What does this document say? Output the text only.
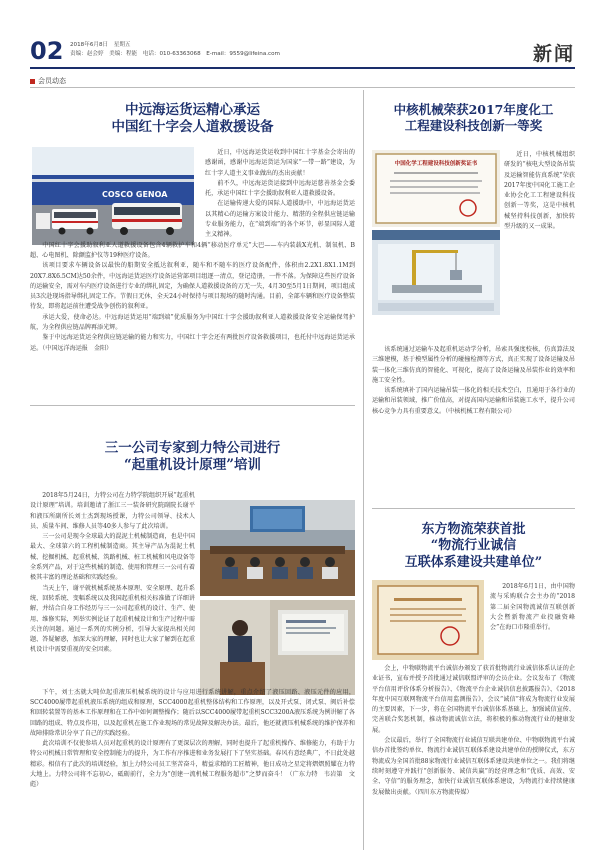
02 2018年6月8日　星期五
责编：赵会婷　美编：程能　电话：010-63363068　E-mail：9559@lifeina.com	新闻
会员动态
中远海运货运精心承运
中国红十字会人道救援设备
COSCO GENOA

近日，中远海运货运收到中国红十字基金会寄出的感谢函，感谢中远海运货运为国家“一带一路”建设，为红十字人道主义事业做出的杰出贡献！

前不久，中远海运货运接到中远海运慈善基金会委托，承运中国红十字会援助叙利亚人道救援设备。

在运输传递大爱的国际人道援助中，中远海运货运以其精心的运输方案设计能力、精湛的全程供应链运输专业服务能力，在“端到端”的各个环节，彰显国际人道主义精神。

中国红十字会援助叙利亚人道救援设备包含4辆救护车和4辆“移动医疗单元”大巴——车内装载X光机、制氧机、B超、心电图机、除颤监护仪等19种医疗设备。

该项目要求车辆设备以最快的船期安全抵达叙利亚，随车和不随车的医疗设备配件，体积由2.2X1.8X1.1M到20X7.8X6.5CM达50余件，中远海运货运医疗设备运营部项目组逐一清点，登记造册，一件不落。为保障这些医疗设备的运输安全，需对车内医疗设备进行专业的绑扎固定，为确保人道救援设备的万无一失，4月30至5月1日期间，项目组成员3次赴现场指导绑扎固定工作。节假日无休，全天24小时保持与项目现场的随时沟通。目前，全部车辆和医疗设备整装待发，即将起运前往遭受战争创伤的叙利亚。

承运大爱，使命必达。中远海运货运用“端到端”优质服务为中国红十字会援助叙利亚人道救援设备安全运输保驾护航，为全程供应链品牌再添光辉。

鉴于中远海运货运全程供应链运输的能力和实力，中国红十字会还有两批医疗设备救援项目，也托付中远海运货运承运。（中国远洋海运报　金阳）

三一公司专家到力特公司进行
“起重机设计原理”培训

2018年5月24日，力特公司在力特学院组织开展“起重机设计原理”培训。培训邀请了浙江三一装备研究院副院长谢平和液压所副所长刘士杰到现场授课，力特公司领导、技术人员、质量车间、维修人员等40多人参与了此次培训。

三一公司是现今全球最大的混泥土机械制造商，也是中国最大、全球第六的工程机械制造商。其主导产品为混泥土机械、挖掘机械、起重机械、筑路机械、桩工机械和风电设备等全系列产品，对于这些机械的制造、使用和管理三一公司有着极其丰富的理论基础和实践经验。

当天上午，谢平就机械系统基本原理、安全原理、起升系统、回转系统、变幅系统以及我国起重机相关标准做了详细讲解，并结合自身工作经历与三一公司起重机的设计、生产、使用、维修实际，列举实例论证了起重机械设计和生产过程中需关注的问题。通过一系列的实例分析，引导大家提出相关问题、答疑解惑，加深大家的理解，同时也让大家了解到在起重机设计中需要重视的安全因素。

下午，刘士杰就大吨位起重液压机械系统的设计与应用进行系统讲解，重点介绍了液压回路、液压元件的应用，SCC4000履带起重机液压系统的组成和原理，SCC4000起重机整体结构和工作原理，以及开式泵、闭式泵、阀后补偿和回转装置等的基本工作原理和在工作中如何调整操作；随后以SCC4000履带起重机SCC3200A液压系统为例讲解了各回路的组成、特点及作用，以及起重机在施工作业现场的常见故障及解决办法。最后，他还就液压机械系统的维护保养和故障排除常识分享了自己的实践经验。

此次培训不仅使参培人员对起重机的设计原理有了更深层次的理解，同时也提升了起重机操作、维修能力，有助于力特公司机械日常管理和安全控制能力的提升，为工作有序推进和业务发展打下了坚实基础。春风有意经典广，不日此处越精彩。相信有了此次的培训经验，加上力特公司员工坚苦奋斗，精益求精的工匠精神，他日成功之星定将熠熠照耀在力特大地上。力特公司将不忘初心，砥砺前行，全力为“创建一流机械工程服务超市”之梦而奋斗！（广东力特　韦岩第　文彪）

中核机械荣获2017年度化工
工程建设科技创新一等奖
中国化学工程建设科技创新奖证书

近日，中核机械组织研发的“核电大型设备吊装及运输智能仿真系统”荣获2017年度中国化工施工企业协会化工工程建设科技创新一等奖，这是中核机械坚持科技创新，加快转型升级的又一成果。

该系统通过运输车及起重机运动学分析，吊索具强度校核，仿真算法及三维建模，基于模型属性分析的碰撞检测等方式，真正实现了设备运输及吊装一体化三维仿真的智能化、可视化，提高了设备运输及吊装作业的效率和施工安全性。

该系统填补了国内运输吊装一体化的相关技术空白，且通用于各行业的运输和吊装领域，推广价值高，对提高国内运输和吊装施工水平，提升公司核心竞争力具有重要意义。（中核机械工程有限公司）

东方物流荣获首批
“物流行业诚信
互联体系建设共建单位”

2018年6月1日，由中国物流与采购联合会主办的“2018第二届全国物流诚信互联创新大会暨新物流产业投融资峰会”在海口市隆重举行。

会上，中物联物流平台诚信办颁发了获首批物流行业诚信体系认证的企业证书，宣布并授予首批通过诚信联盟评审的会员企业。会议发布了《物流平台信用评价体系分析报告》、《物流平台企业诚信信息披露报告》、《2018年度中国互联网物流平台信用监测报告》，会议“诚信”将成为物流行业发展的主要因素，下一步，将在全国物流平台诚信体系基础上，加强诚信宣传、完善联合奖惩机制，推动物流诚信立法，将积极的推动物流行业的健康发展。

会议最后，举行了全国物流行业诚信互联共建单位、中物联物流平台诚信办首批签约单位、物流行业诚信互联体系建设共建单位的授牌仪式，东方物流成为全国首批88家物流行业诚信互联体系建设共建单位之一。我们将继续时刻遵守并践行“创新服务、诚信共赢”的经营理念和“优质、高效、安全、守信”的服务理念，加快行业诚信互联体系建设，为物流行业持续健康发展做出贡献。（四川东方物流传媒）
